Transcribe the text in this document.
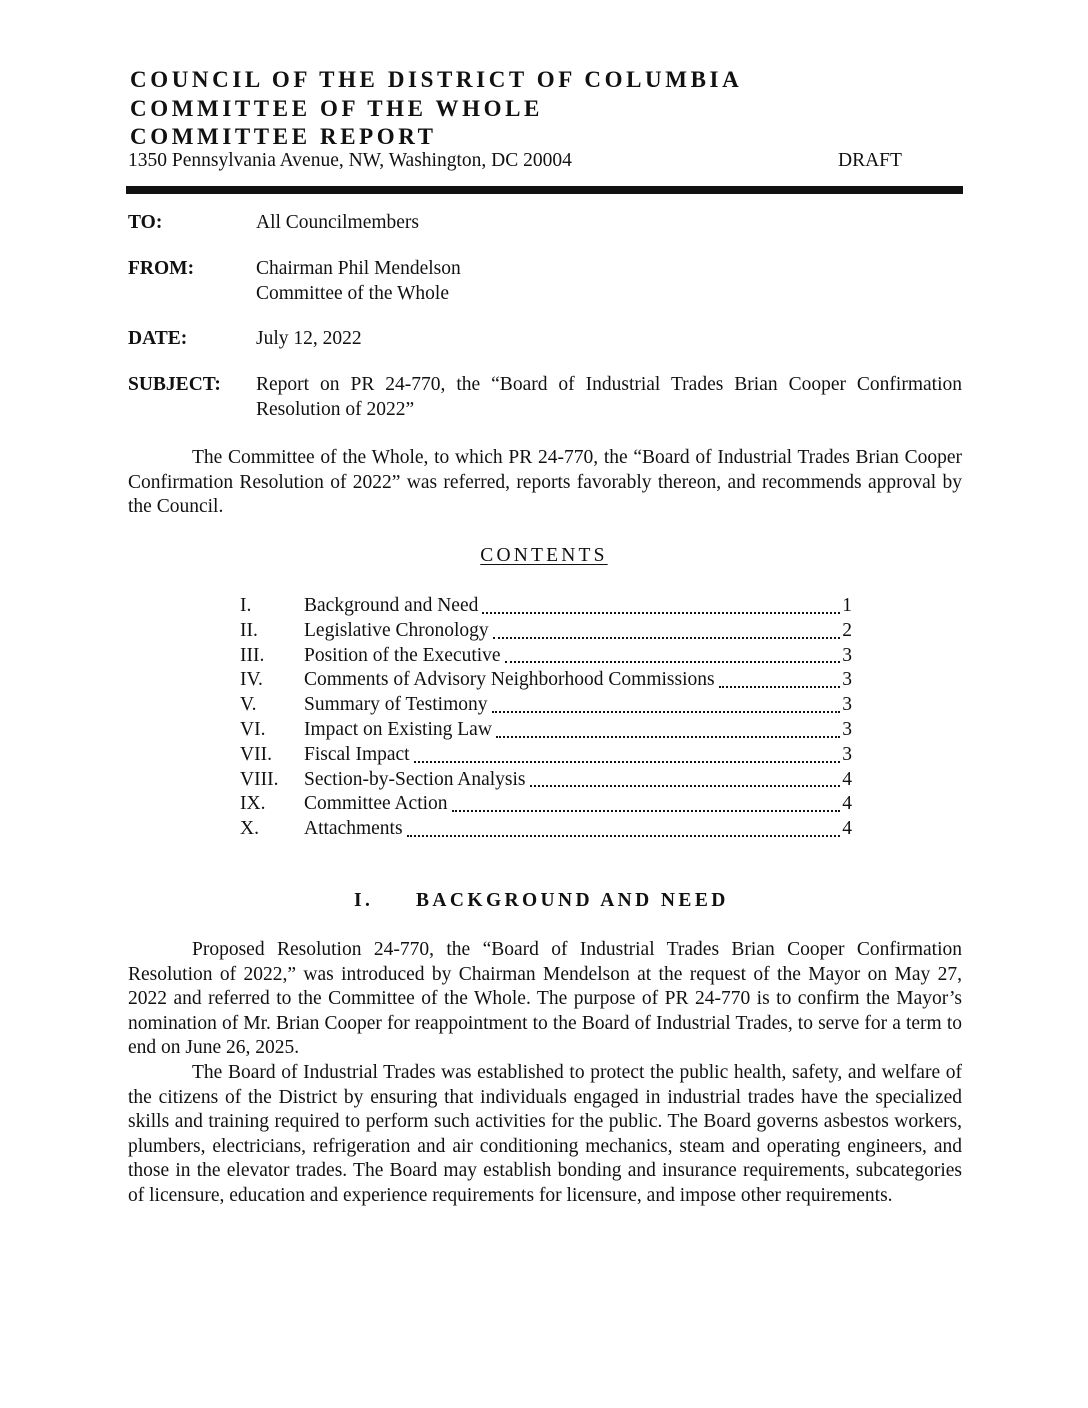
COUNCIL OF THE DISTRICT OF COLUMBIA
COMMITTEE OF THE WHOLE
COMMITTEE REPORT
1350 Pennsylvania Avenue, NW, Washington, DC 20004	DRAFT
TO:	All Councilmembers
FROM:	Chairman Phil Mendelson
Committee of the Whole
DATE:	July 12, 2022
SUBJECT: Report on PR 24-770, the “Board of Industrial Trades Brian Cooper Confirmation Resolution of 2022”
The Committee of the Whole, to which PR 24-770, the “Board of Industrial Trades Brian Cooper Confirmation Resolution of 2022” was referred, reports favorably thereon, and recommends approval by the Council.
CONTENTS
I.	Background and Need	1
II.	Legislative Chronology	2
III.	Position of the Executive	3
IV.	Comments of Advisory Neighborhood Commissions	3
V.	Summary of Testimony	3
VI.	Impact on Existing Law	3
VII.	Fiscal Impact	3
VIII.	Section-by-Section Analysis	4
IX.	Committee Action	4
X.	Attachments	4
I. BACKGROUND AND NEED
Proposed Resolution 24-770, the “Board of Industrial Trades Brian Cooper Confirmation Resolution of 2022,” was introduced by Chairman Mendelson at the request of the Mayor on May 27, 2022 and referred to the Committee of the Whole. The purpose of PR 24-770 is to confirm the Mayor’s nomination of Mr. Brian Cooper for reappointment to the Board of Industrial Trades, to serve for a term to end on June 26, 2025.
The Board of Industrial Trades was established to protect the public health, safety, and welfare of the citizens of the District by ensuring that individuals engaged in industrial trades have the specialized skills and training required to perform such activities for the public. The Board governs asbestos workers, plumbers, electricians, refrigeration and air conditioning mechanics, steam and operating engineers, and those in the elevator trades. The Board may establish bonding and insurance requirements, subcategories of licensure, education and experience requirements for licensure, and impose other requirements.
